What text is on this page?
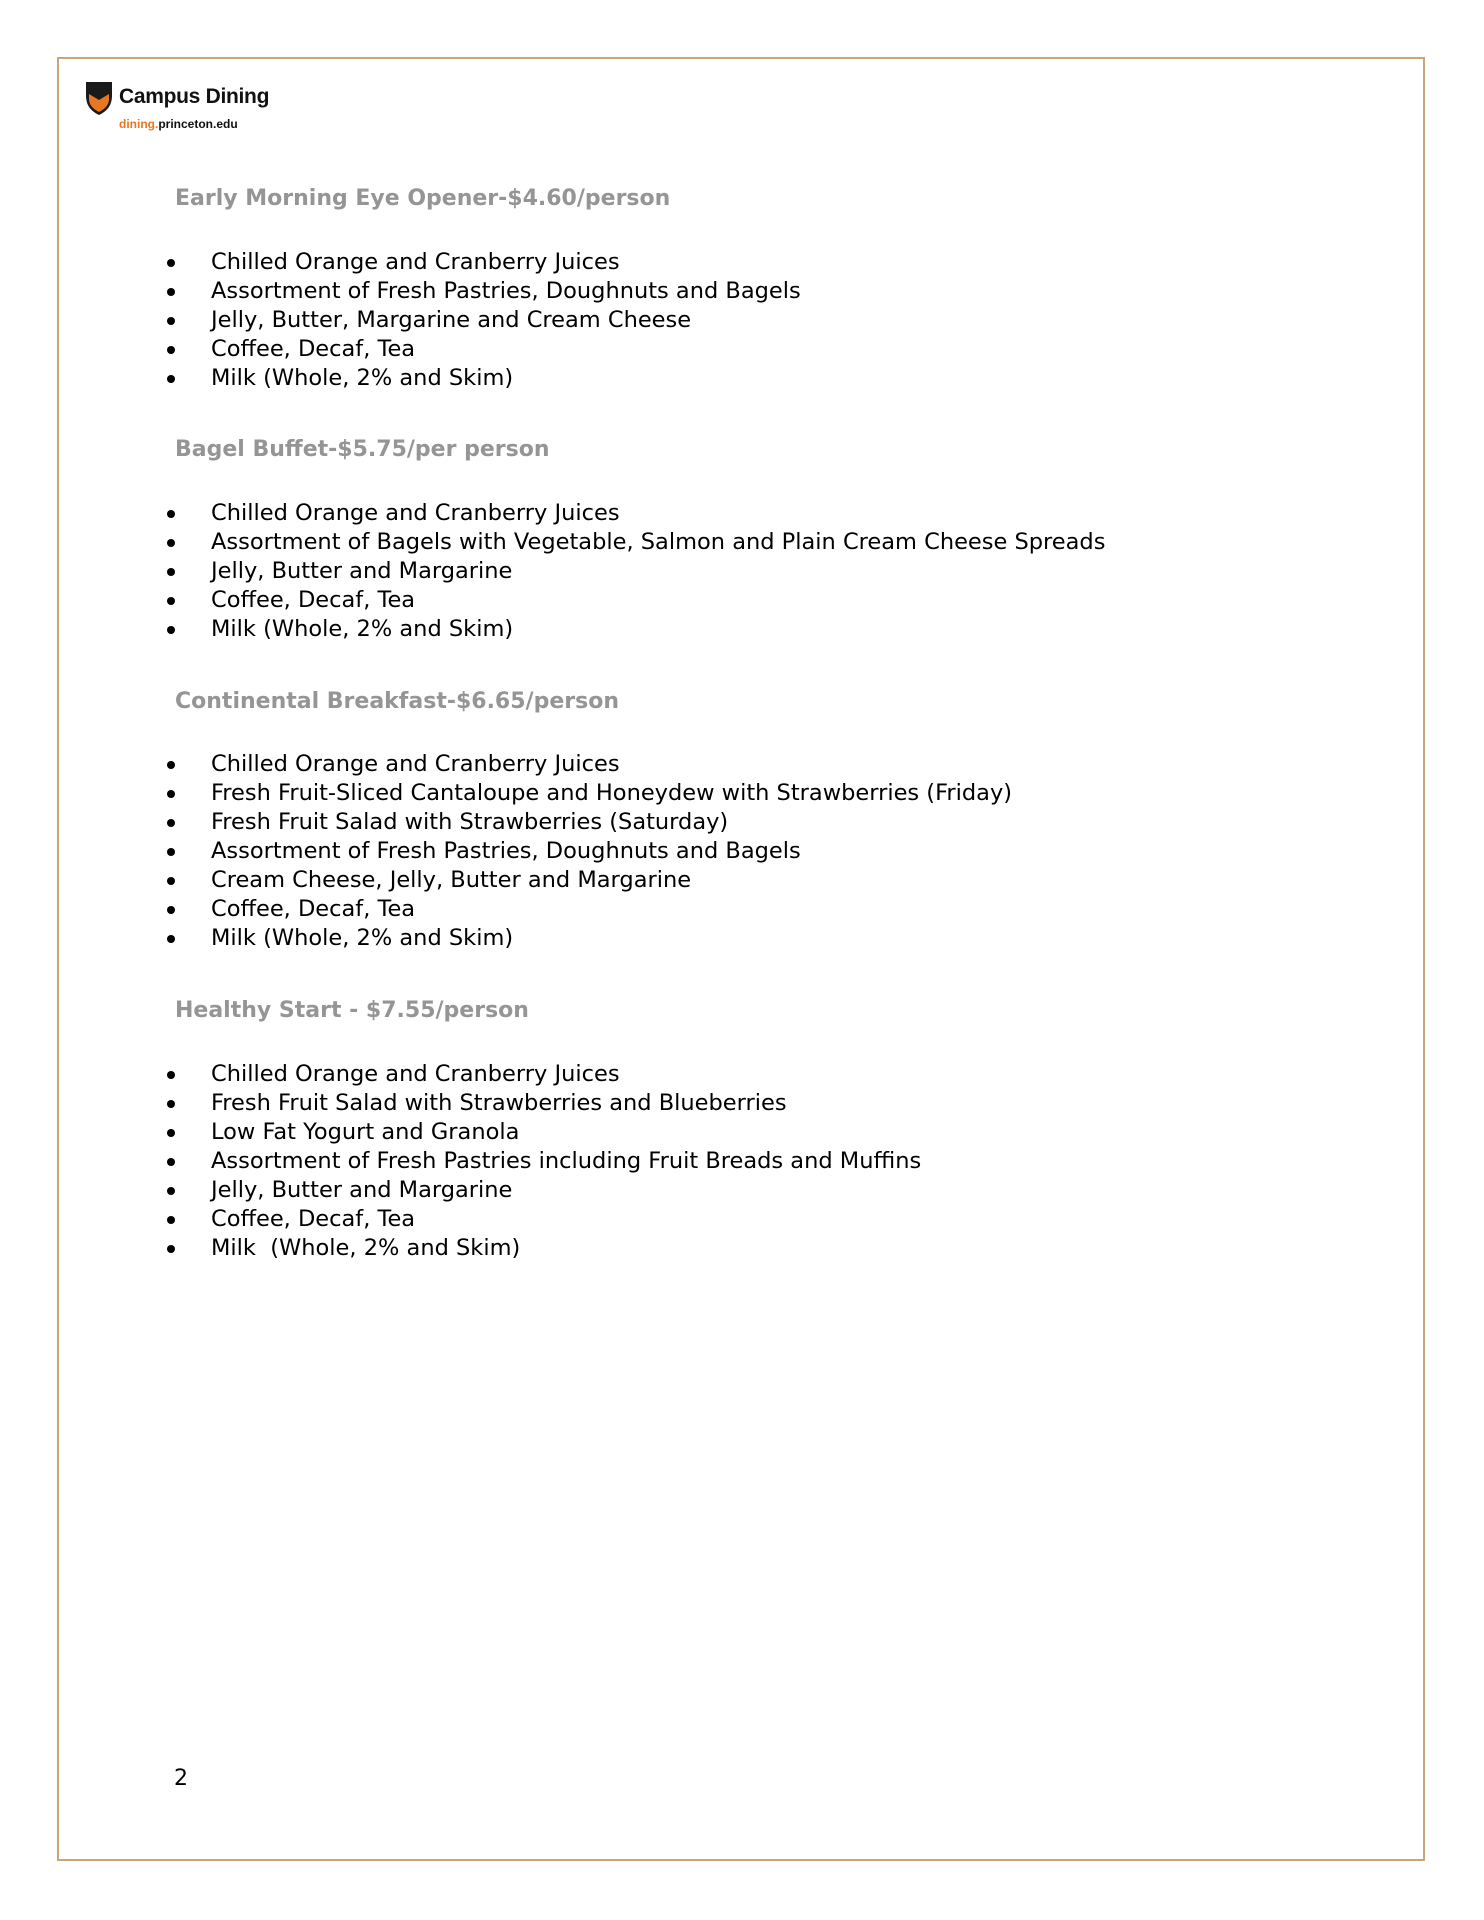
Campus Dining
dining.princeton.edu
Early Morning Eye Opener-$4.60/person
Chilled Orange and Cranberry Juices
Assortment of Fresh Pastries, Doughnuts and Bagels
Jelly, Butter, Margarine and Cream Cheese
Coffee, Decaf, Tea
Milk (Whole, 2% and Skim)
Bagel Buffet-$5.75/per person
Chilled Orange and Cranberry Juices
Assortment of Bagels with Vegetable, Salmon and Plain Cream Cheese Spreads
Jelly, Butter and Margarine
Coffee, Decaf, Tea
Milk (Whole, 2% and Skim)
Continental Breakfast-$6.65/person
Chilled Orange and Cranberry Juices
Fresh Fruit-Sliced Cantaloupe and Honeydew with Strawberries (Friday)
Fresh Fruit Salad with Strawberries (Saturday)
Assortment of Fresh Pastries, Doughnuts and Bagels
Cream Cheese, Jelly, Butter and Margarine
Coffee, Decaf, Tea
Milk (Whole, 2% and Skim)
Healthy Start - $7.55/person
Chilled Orange and Cranberry Juices
Fresh Fruit Salad with Strawberries and Blueberries
Low Fat Yogurt and Granola
Assortment of Fresh Pastries including Fruit Breads and Muffins
Jelly, Butter and Margarine
Coffee, Decaf, Tea
Milk  (Whole, 2% and Skim)
2
